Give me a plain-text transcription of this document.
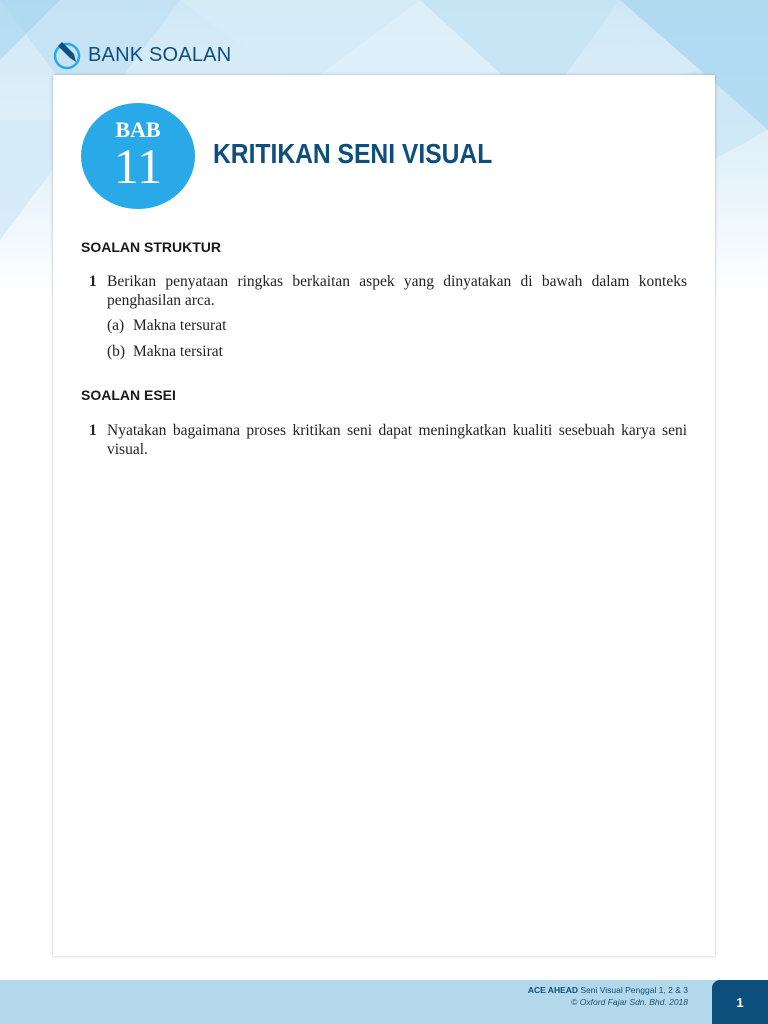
BANK SOALAN
BAB
11	KRITIKAN SENI VISUAL
SOALAN STRUKTUR
1 Berikan penyataan ringkas berkaitan aspek yang dinyatakan di bawah dalam konteks penghasilan arca.
(a) Makna tersurat
(b) Makna tersirat
SOALAN ESEI
1 Nyatakan bagaimana proses kritikan seni dapat meningkatkan kualiti sesebuah karya seni visual.
ACE AHEAD Seni Visual Penggal 1, 2 & 3
© Oxford Fajar Sdn. Bhd. 2018	1
